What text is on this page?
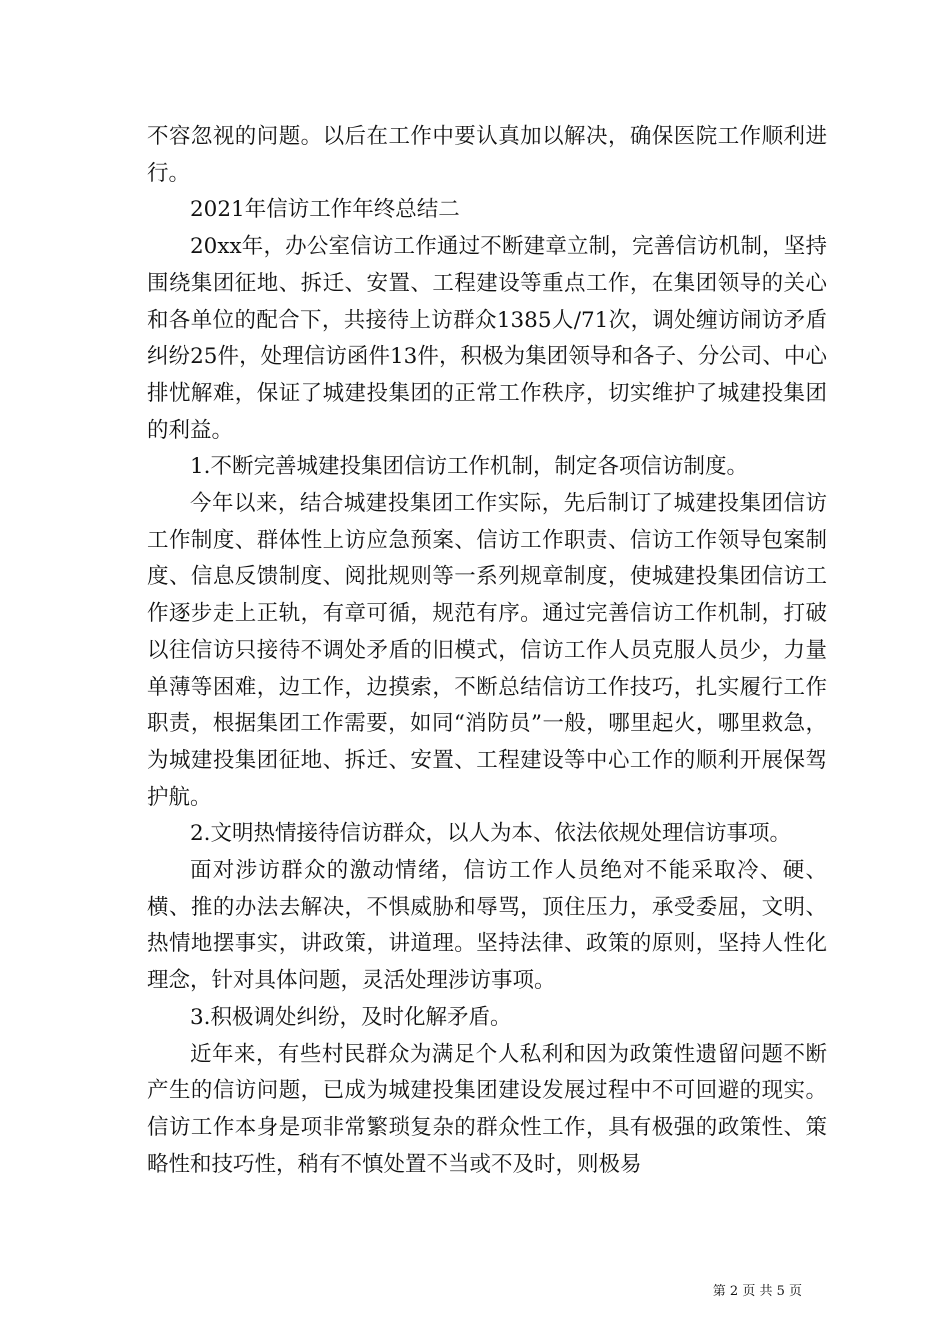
不容忽视的问题。以后在工作中要认真加以解决，确保医院工作顺利进行。

2021年信访工作年终总结二

20xx年，办公室信访工作通过不断建章立制，完善信访机制，坚持围绕集团征地、拆迁、安置、工程建设等重点工作，在集团领导的关心和各单位的配合下，共接待上访群众1385人/71次，调处缠访闹访矛盾纠纷25件，处理信访函件13件，积极为集团领导和各子、分公司、中心排忧解难，保证了城建投集团的正常工作秩序，切实维护了城建投集团的利益。

1.不断完善城建投集团信访工作机制，制定各项信访制度。

今年以来，结合城建投集团工作实际，先后制订了城建投集团信访工作制度、群体性上访应急预案、信访工作职责、信访工作领导包案制度、信息反馈制度、阅批规则等一系列规章制度，使城建投集团信访工作逐步走上正轨，有章可循，规范有序。通过完善信访工作机制，打破以往信访只接待不调处矛盾的旧模式，信访工作人员克服人员少，力量单薄等困难，边工作，边摸索，不断总结信访工作技巧，扎实履行工作职责，根据集团工作需要，如同“消防员”一般，哪里起火，哪里救急，为城建投集团征地、拆迁、安置、工程建设等中心工作的顺利开展保驾护航。

2.文明热情接待信访群众，以人为本、依法依规处理信访事项。

面对涉访群众的激动情绪，信访工作人员绝对不能采取冷、硬、横、推的办法去解决，不惧威胁和辱骂，顶住压力，承受委屈，文明、热情地摆事实，讲政策，讲道理。坚持法律、政策的原则，坚持人性化理念，针对具体问题，灵活处理涉访事项。

3.积极调处纠纷，及时化解矛盾。

近年来，有些村民群众为满足个人私利和因为政策性遗留问题不断产生的信访问题，已成为城建投集团建设发展过程中不可回避的现实。信访工作本身是项非常繁琐复杂的群众性工作，具有极强的政策性、策略性和技巧性，稍有不慎处置不当或不及时，则极易

第 2 页 共 5 页
